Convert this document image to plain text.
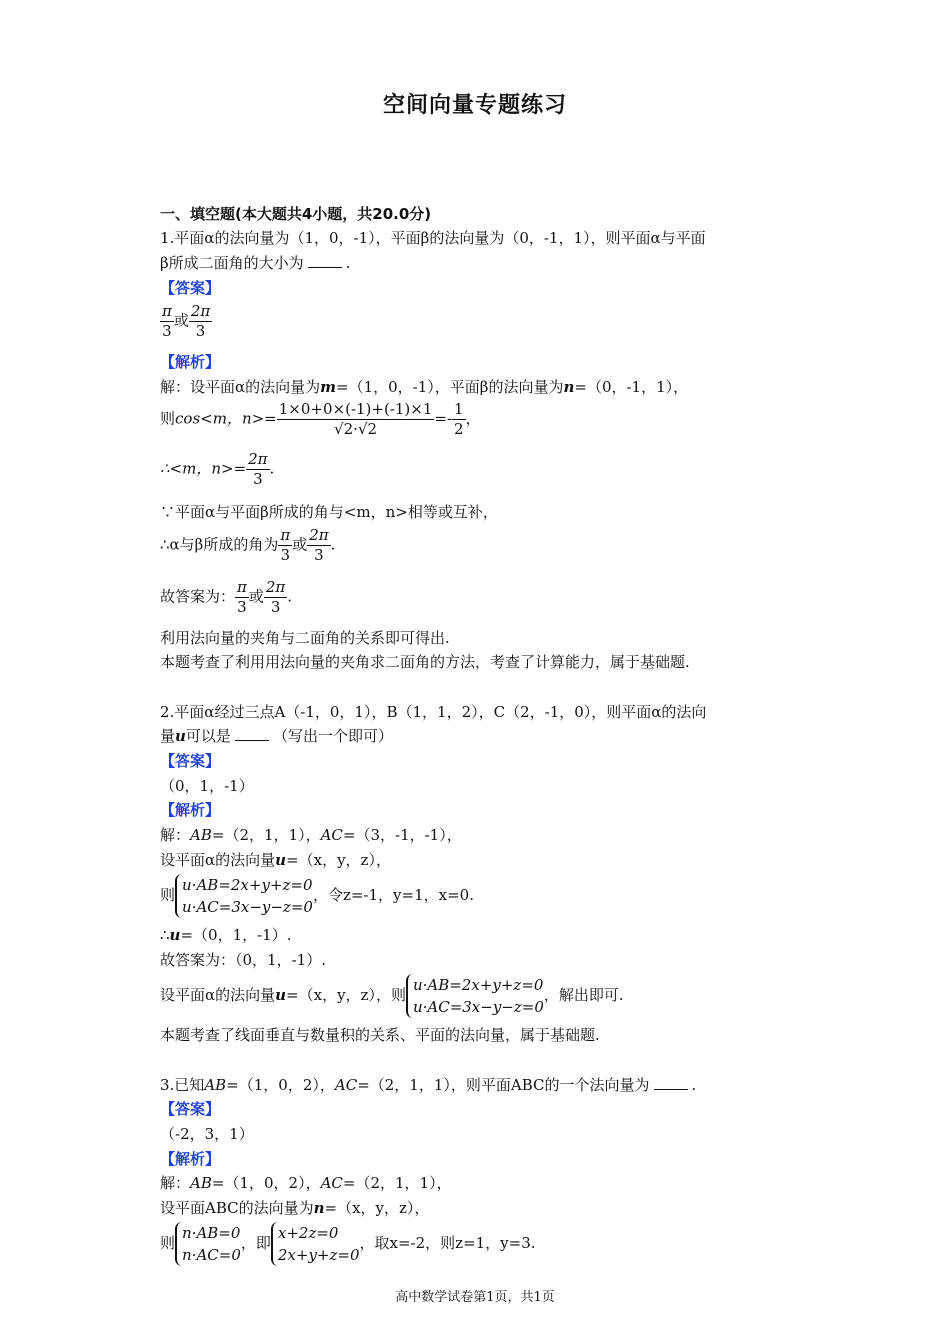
空间向量专题练习
一、填空题(本大题共4小题，共20.0分)
1.平面α的法向量为（1，0，-1），平面β的法向量为（0，-1，1），则平面α与平面
β所成二面角的大小为	.
【答案】
$\frac{\pi}{3}$ 或 $\frac{2\pi}{3}$
【解析】
解：设平面α的法向量为m=（1，0，-1），平面β的法向量为n=（0，-1，1），
则cos<m，$n>= \frac{1\times 0+0\times(-1)+(-1)\times 1}{√2\cdot√2} =- \frac{1}{2}$ ，
∴<m，$n>= \frac{2\pi}{3}$ .
∵平面α与平面β所成的角与<m，n>相等或互补，
∴α与β所成的角为 $\frac{\pi}{3}$ 或 $\frac{2\pi}{3}$ .
故答案为： $\frac{\pi}{3}$ 或 $\frac{2\pi}{3}$ .
利用法向量的夹角与二面角的关系即可得出.
本题考查了利用用法向量的夹角求二面角的方法，考查了计算能力，属于基础题.
2.平面α经过三点A（-1，0，1），B（1，1，2），C（2，-1，0），则平面α的法向
量u可以是	（写出一个即可）
【答案】
（0，1，-1）
【解析】
解：AB=（2，1，1），AC=（3，-1，-1），
设平面α的法向量u=（x，y，z），
则
u·AB=2x+y+z=0
u·AC=3x−y−z=0
，令z=-1，y=1，x=0.
∴u=（0，1，-1）.
故答案为：（0，1，-1）.
设平面α的法向量u=（x，y，z），则
u·AB=2x+y+z=0
u·AC=3x−y−z=0
，解出即可.
本题考查了线面垂直与数量积的关系、平面的法向量，属于基础题.
3.已知AB=（1，0，2），AC=（2，1，1），则平面ABC的一个法向量为	.
【答案】
（-2，3，1）
【解析】
解：AB=（1，0，2），AC=（2，1，1），
设平面ABC的法向量为n=（x，y，z），
则
n·AB=0
n·AC=0
，即
x+2z=0
2x+y+z=0
，取x=-2，则z=1，y=3.
高中数学试卷第1页，共1页
